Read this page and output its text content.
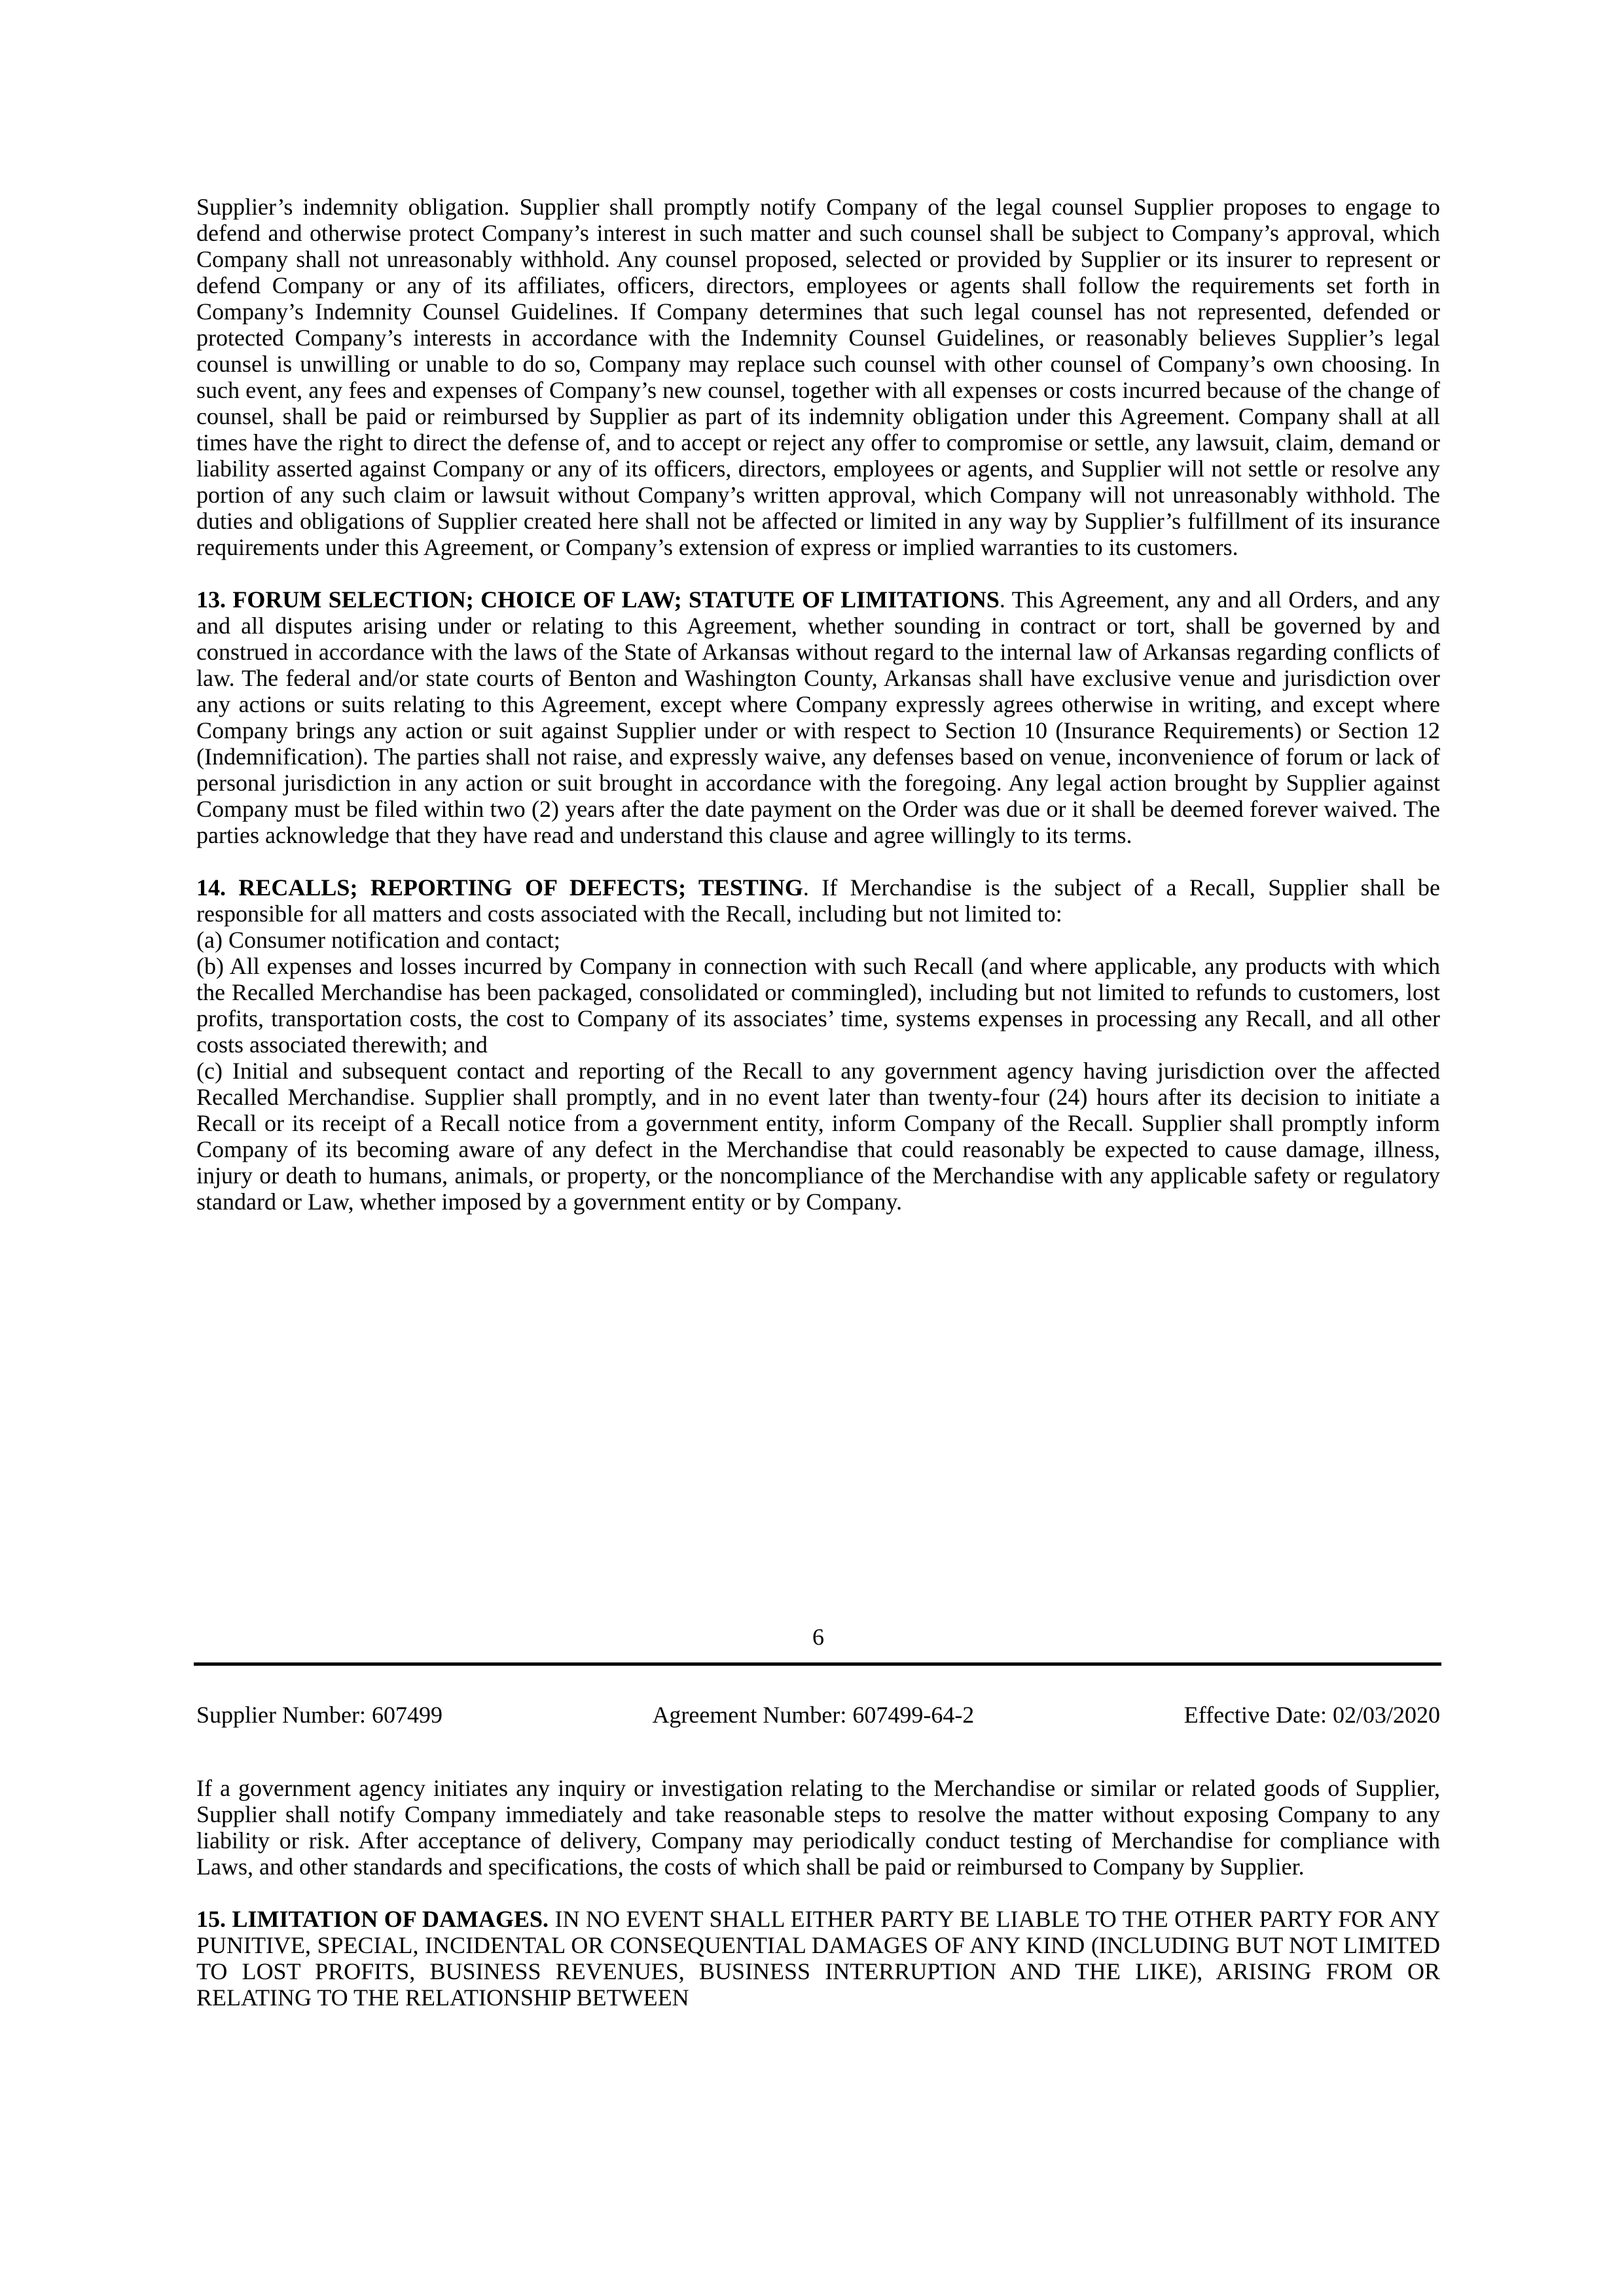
Supplier’s indemnity obligation. Supplier shall promptly notify Company of the legal counsel Supplier proposes to engage to defend and otherwise protect Company’s interest in such matter and such counsel shall be subject to Company’s approval, which Company shall not unreasonably withhold. Any counsel proposed, selected or provided by Supplier or its insurer to represent or defend Company or any of its affiliates, officers, directors, employees or agents shall follow the requirements set forth in Company’s Indemnity Counsel Guidelines. If Company determines that such legal counsel has not represented, defended or protected Company’s interests in accordance with the Indemnity Counsel Guidelines, or reasonably believes Supplier’s legal counsel is unwilling or unable to do so, Company may replace such counsel with other counsel of Company’s own choosing. In such event, any fees and expenses of Company’s new counsel, together with all expenses or costs incurred because of the change of counsel, shall be paid or reimbursed by Supplier as part of its indemnity obligation under this Agreement. Company shall at all times have the right to direct the defense of, and to accept or reject any offer to compromise or settle, any lawsuit, claim, demand or liability asserted against Company or any of its officers, directors, employees or agents, and Supplier will not settle or resolve any portion of any such claim or lawsuit without Company’s written approval, which Company will not unreasonably withhold. The duties and obligations of Supplier created here shall not be affected or limited in any way by Supplier’s fulfillment of its insurance requirements under this Agreement, or Company’s extension of express or implied warranties to its customers.

13. FORUM SELECTION; CHOICE OF LAW; STATUTE OF LIMITATIONS. This Agreement, any and all Orders, and any and all disputes arising under or relating to this Agreement, whether sounding in contract or tort, shall be governed by and construed in accordance with the laws of the State of Arkansas without regard to the internal law of Arkansas regarding conflicts of law. The federal and/or state courts of Benton and Washington County, Arkansas shall have exclusive venue and jurisdiction over any actions or suits relating to this Agreement, except where Company expressly agrees otherwise in writing, and except where Company brings any action or suit against Supplier under or with respect to Section 10 (Insurance Requirements) or Section 12 (Indemnification). The parties shall not raise, and expressly waive, any defenses based on venue, inconvenience of forum or lack of personal jurisdiction in any action or suit brought in accordance with the foregoing. Any legal action brought by Supplier against Company must be filed within two (2) years after the date payment on the Order was due or it shall be deemed forever waived. The parties acknowledge that they have read and understand this clause and agree willingly to its terms.

14. RECALLS; REPORTING OF DEFECTS; TESTING. If Merchandise is the subject of a Recall, Supplier shall be responsible for all matters and costs associated with the Recall, including but not limited to:

(a) Consumer notification and contact;

(b) All expenses and losses incurred by Company in connection with such Recall (and where applicable, any products with which the Recalled Merchandise has been packaged, consolidated or commingled), including but not limited to refunds to customers, lost profits, transportation costs, the cost to Company of its associates’ time, systems expenses in processing any Recall, and all other costs associated therewith; and

(c) Initial and subsequent contact and reporting of the Recall to any government agency having jurisdiction over the affected Recalled Merchandise. Supplier shall promptly, and in no event later than twenty-four (24) hours after its decision to initiate a Recall or its receipt of a Recall notice from a government entity, inform Company of the Recall. Supplier shall promptly inform Company of its becoming aware of any defect in the Merchandise that could reasonably be expected to cause damage, illness, injury or death to humans, animals, or property, or the noncompliance of the Merchandise with any applicable safety or regulatory standard or Law, whether imposed by a government entity or by Company.

6
Supplier Number: 607499	Agreement Number: 607499-64-2	Effective Date: 02/03/2020

If a government agency initiates any inquiry or investigation relating to the Merchandise or similar or related goods of Supplier, Supplier shall notify Company immediately and take reasonable steps to resolve the matter without exposing Company to any liability or risk. After acceptance of delivery, Company may periodically conduct testing of Merchandise for compliance with Laws, and other standards and specifications, the costs of which shall be paid or reimbursed to Company by Supplier.

15. LIMITATION OF DAMAGES. IN NO EVENT SHALL EITHER PARTY BE LIABLE TO THE OTHER PARTY FOR ANY PUNITIVE, SPECIAL, INCIDENTAL OR CONSEQUENTIAL DAMAGES OF ANY KIND (INCLUDING BUT NOT LIMITED TO LOST PROFITS, BUSINESS REVENUES, BUSINESS INTERRUPTION AND THE LIKE), ARISING FROM OR RELATING TO THE RELATIONSHIP BETWEEN
